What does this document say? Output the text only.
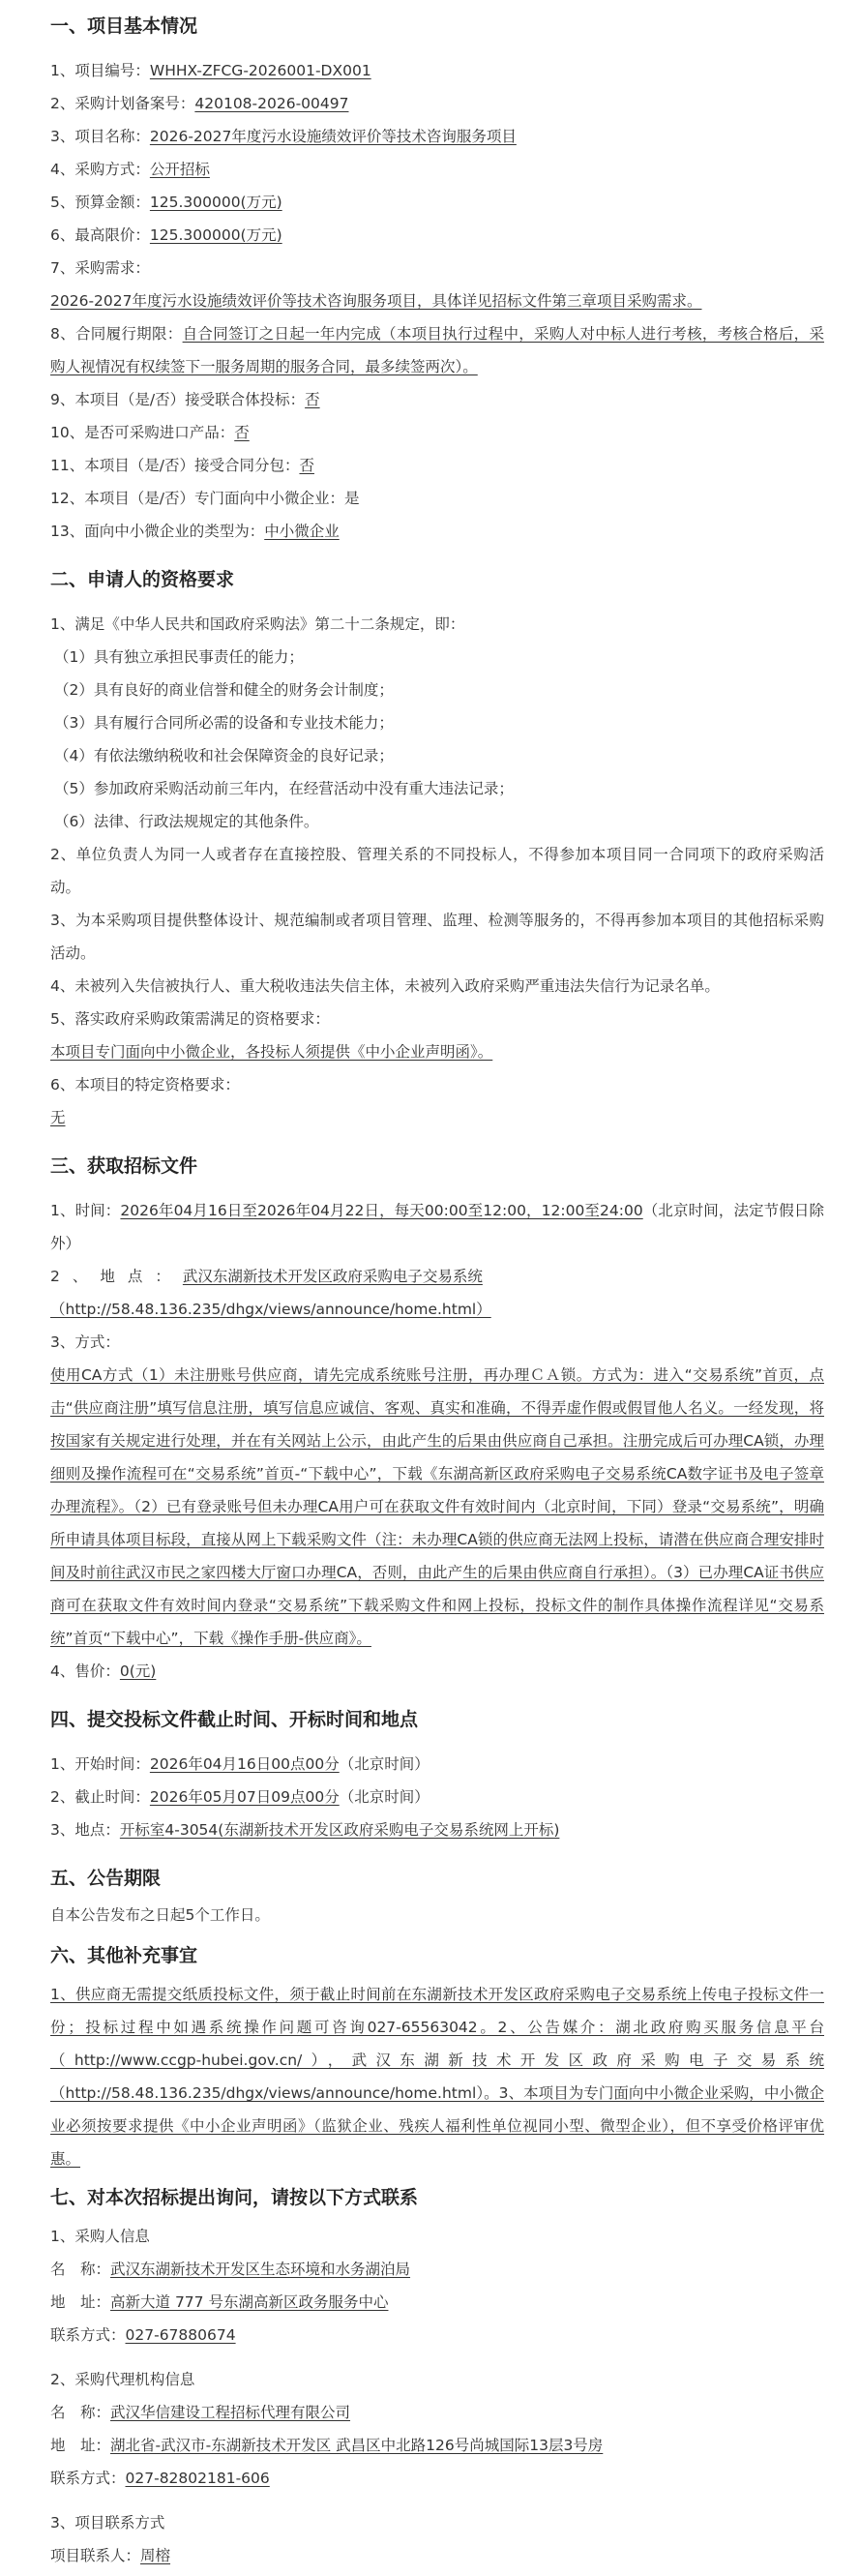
一、项目基本情况
1、项目编号：WHHX-ZFCG-2026001-DX001
2、采购计划备案号：420108-2026-00497
3、项目名称：2026-2027年度污水设施绩效评价等技术咨询服务项目
4、采购方式：公开招标
5、预算金额：125.300000(万元)
6、最高限价：125.300000(万元)
7、采购需求：
2026-2027年度污水设施绩效评价等技术咨询服务项目，具体详见招标文件第三章项目采购需求。
8、合同履行期限：自合同签订之日起一年内完成（本项目执行过程中，采购人对中标人进行考核，考核合格后，采购人视情况有权续签下一服务周期的服务合同，最多续签两次）。
9、本项目（是/否）接受联合体投标：否
10、是否可采购进口产品：否
11、本项目（是/否）接受合同分包：否
12、本项目（是/否）专门面向中小微企业：是
13、面向中小微企业的类型为：中小微企业
二、申请人的资格要求
1、满足《中华人民共和国政府采购法》第二十二条规定，即：
（1）具有独立承担民事责任的能力；
（2）具有良好的商业信誉和健全的财务会计制度；
（3）具有履行合同所必需的设备和专业技术能力；
（4）有依法缴纳税收和社会保障资金的良好记录；
（5）参加政府采购活动前三年内，在经营活动中没有重大违法记录；
（6）法律、行政法规规定的其他条件。
2、单位负责人为同一人或者存在直接控股、管理关系的不同投标人，不得参加本项目同一合同项下的政府采购活动。
3、为本采购项目提供整体设计、规范编制或者项目管理、监理、检测等服务的，不得再参加本项目的其他招标采购活动。
4、未被列入失信被执行人、重大税收违法失信主体，未被列入政府采购严重违法失信行为记录名单。
5、落实政府采购政策需满足的资格要求：
本项目专门面向中小微企业，各投标人须提供《中小企业声明函》。
6、本项目的特定资格要求：
无
三、获取招标文件
1、时间：2026年04月16日至2026年04月22日，每天00:00至12:00，12:00至24:00（北京时间，法定节假日除外）
2、地点：武汉东湖新技术开发区政府采购电子交易系统
（http://58.48.136.235/dhgx/views/announce/home.html）
3、方式：
使用CA方式（1）未注册账号供应商，请先完成系统账号注册，再办理ＣＡ锁。方式为：进入“交易系统”首页，点击“供应商注册”填写信息注册，填写信息应诚信、客观、真实和准确，不得弄虚作假或假冒他人名义。一经发现，将按国家有关规定进行处理，并在有关网站上公示，由此产生的后果由供应商自己承担。注册完成后可办理CA锁，办理细则及操作流程可在“交易系统”首页-“下载中心”，下载《东湖高新区政府采购电子交易系统CA数字证书及电子签章办理流程》。（2）已有登录账号但未办理CA用户可在获取文件有效时间内（北京时间，下同）登录“交易系统”，明确所申请具体项目标段，直接从网上下载采购文件（注：未办理CA锁的供应商无法网上投标，请潜在供应商合理安排时间及时前往武汉市民之家四楼大厅窗口办理CA，否则，由此产生的后果由供应商自行承担）。（3）已办理CA证书供应商可在获取文件有效时间内登录“交易系统”下载采购文件和网上投标，投标文件的制作具体操作流程详见“交易系统”首页“下载中心”，下载《操作手册-供应商》。
4、售价：0(元)
四、提交投标文件截止时间、开标时间和地点
1、开始时间：2026年04月16日00点00分（北京时间）
2、截止时间：2026年05月07日09点00分（北京时间）
3、地点：开标室4-3054(东湖新技术开发区政府采购电子交易系统网上开标)
五、公告期限
自本公告发布之日起5个工作日。
六、其他补充事宜
1、供应商无需提交纸质投标文件，须于截止时间前在东湖新技术开发区政府采购电子交易系统上传电子投标文件一份；投标过程中如遇系统操作问题可咨询027-65563042。2、公告媒介：湖北政府购买服务信息平台（http://www.ccgp-hubei.gov.cn/），武汉东湖新技术开发区政府采购电子交易系统（http://58.48.136.235/dhgx/views/announce/home.html）。3、本项目为专门面向中小微企业采购，中小微企业必须按要求提供《中小企业声明函》（监狱企业、残疾人福利性单位视同小型、微型企业），但不享受价格评审优惠。
七、对本次招标提出询问，请按以下方式联系
1、采购人信息
名　称：武汉东湖新技术开发区生态环境和水务湖泊局
地　址：高新大道 777 号东湖高新区政务服务中心
联系方式：027-67880674
2、采购代理机构信息
名　称：武汉华信建设工程招标代理有限公司
地　址：湖北省-武汉市-东湖新技术开发区 武昌区中北路126号尚城国际13层3号房
联系方式：027-82802181-606
3、项目联系方式
项目联系人：周榕
